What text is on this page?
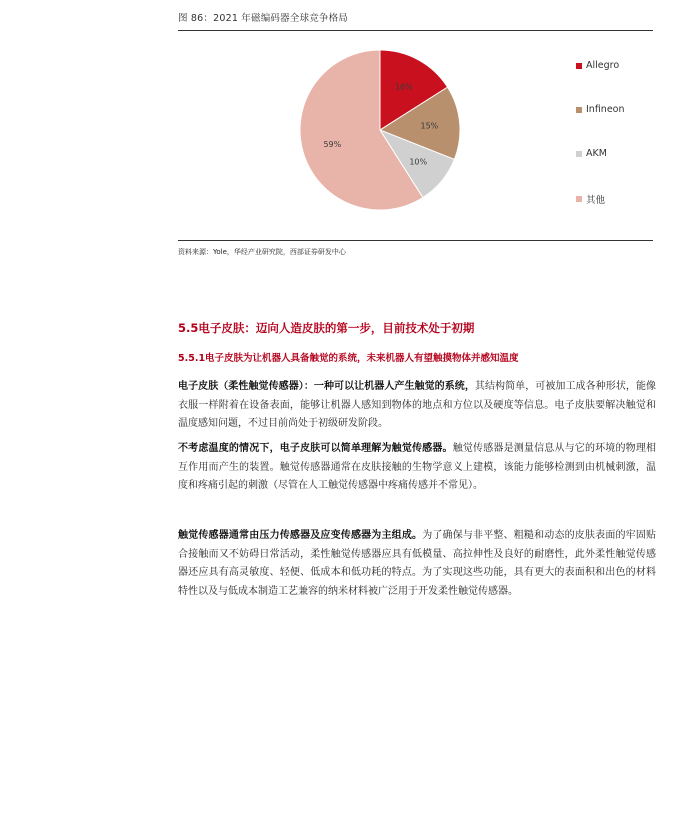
图 86：2021 年磁编码器全球竞争格局
16%
15%
10%
59%
Allegro
Infineon
AKM
其他
资料来源：Yole，华经产业研究院，西部证券研发中心
5.5电子皮肤：迈向人造皮肤的第一步，目前技术处于初期
5.5.1电子皮肤为让机器人具备触觉的系统，未来机器人有望触摸物体并感知温度
电子皮肤（柔性触觉传感器）：一种可以让机器人产生触觉的系统，其结构简单，可被加工成各种形状，能像衣服一样附着在设备表面，能够让机器人感知到物体的地点和方位以及硬度等信息。电子皮肤要解决触觉和温度感知问题，不过目前尚处于初级研发阶段。
不考虑温度的情况下，电子皮肤可以简单理解为触觉传感器。触觉传感器是测量信息从与它的环境的物理相互作用而产生的装置。触觉传感器通常在皮肤接触的生物学意义上建模，该能力能够检测到由机械刺激，温度和疼痛引起的刺激（尽管在人工触觉传感器中疼痛传感并不常见）。
触觉传感器通常由压力传感器及应变传感器为主组成。为了确保与非平整、粗糙和动态的皮肤表面的牢固贴合接触而又不妨碍日常活动，柔性触觉传感器应具有低模量、高拉伸性及良好的耐磨性，此外柔性触觉传感器还应具有高灵敏度、轻便、低成本和低功耗的特点。为了实现这些功能，具有更大的表面积和出色的材料特性以及与低成本制造工艺兼容的纳米材料被广泛用于开发柔性触觉传感器。
